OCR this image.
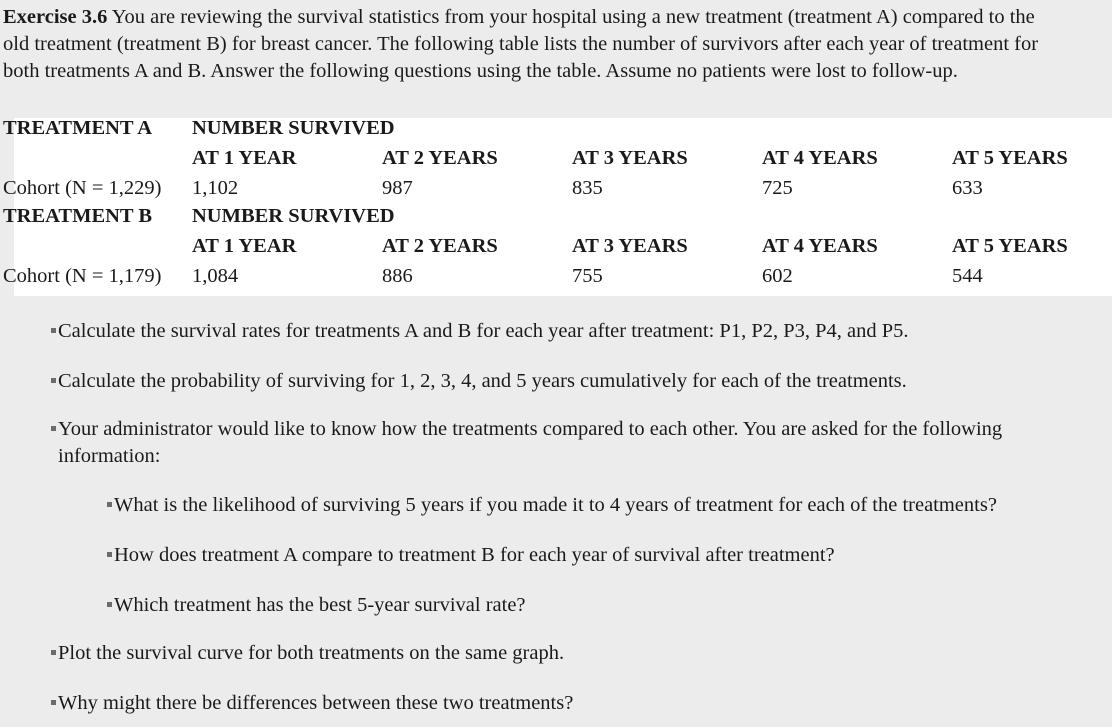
Exercise 3.6 You are reviewing the survival statistics from your hospital using a new treatment (treatment A) compared to the
old treatment (treatment B) for breast cancer. The following table lists the number of survivors after each year of treatment for
both treatments A and B. Answer the following questions using the table. Assume no patients were lost to follow-up.
TREATMENT A NUMBER SURVIVED
AT 1 YEAR	AT 2 YEARS	AT 3 YEARS	AT 4 YEARS	AT 5 YEARS
Cohort (N = 1,229) 1,102	987	835	725	633
TREATMENT B NUMBER SURVIVED
AT 1 YEAR	AT 2 YEARS	AT 3 YEARS	AT 4 YEARS	AT 5 YEARS
Cohort (N = 1,179) 1,084	886	755	602	544
Calculate the survival rates for treatments A and B for each year after treatment: P1, P2, P3, P4, and P5.
Calculate the probability of surviving for 1, 2, 3, 4, and 5 years cumulatively for each of the treatments.
Your administrator would like to know how the treatments compared to each other. You are asked for the following
information:
What is the likelihood of surviving 5 years if you made it to 4 years of treatment for each of the treatments?
How does treatment A compare to treatment B for each year of survival after treatment?
Which treatment has the best 5-year survival rate?
Plot the survival curve for both treatments on the same graph.
Why might there be differences between these two treatments?
